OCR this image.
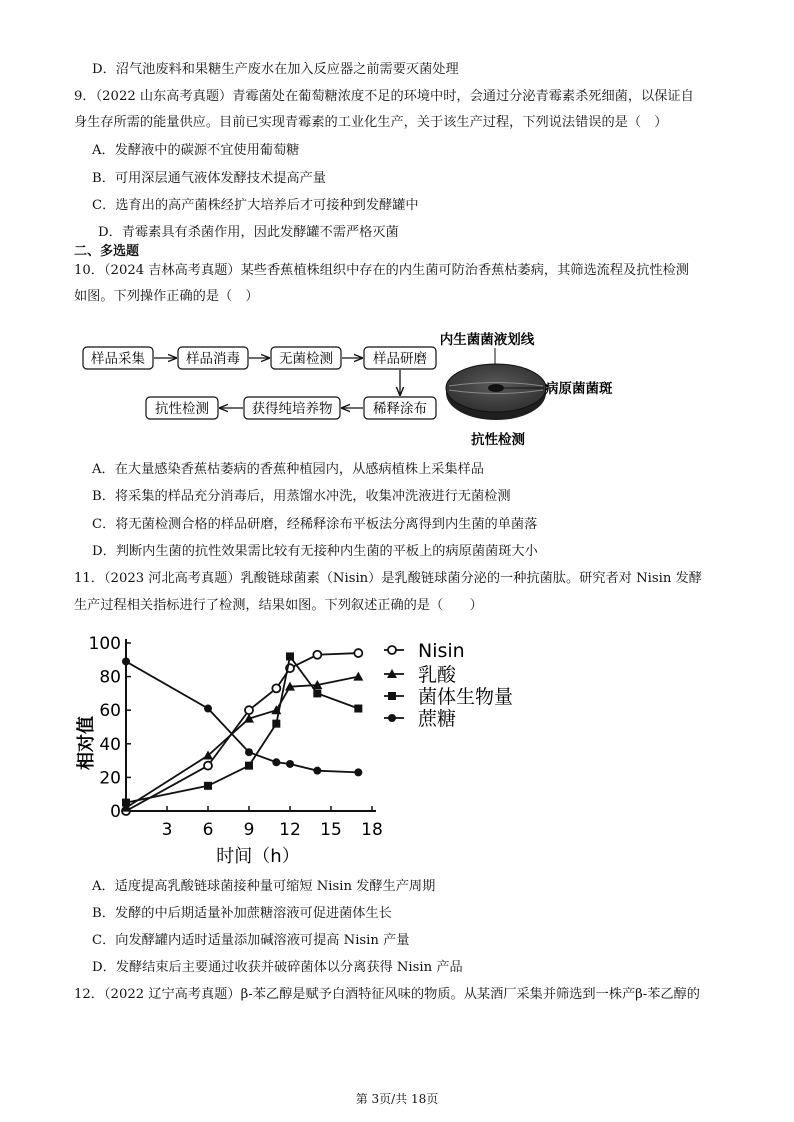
D．沼气池废料和果糖生产废水在加入反应器之前需要灭菌处理
9．（2022 山东高考真题）青霉菌处在葡萄糖浓度不足的环境中时，会通过分泌青霉素杀死细菌，以保证自
身生存所需的能量供应。目前已实现青霉素的工业化生产，关于该生产过程，下列说法错误的是（　）
A．发酵液中的碳源不宜使用葡萄糖
B．可用深层通气液体发酵技术提高产量
C．选育出的高产菌株经扩大培养后才可接种到发酵罐中
D．青霉素具有杀菌作用，因此发酵罐不需严格灭菌
二、多选题
10．（2024 吉林高考真题）某些香蕉植株组织中存在的内生菌可防治香蕉枯萎病，其筛选流程及抗性检测
如图。下列操作正确的是（　）
样品采集	样品消毒	无菌检测	样品研磨
稀释涂布
获得纯培养物
抗性检测
内生菌菌液划线
病原菌菌斑
抗性检测
A．在大量感染香蕉枯萎病的香蕉种植园内，从感病植株上采集样品
B．将采集的样品充分消毒后，用蒸馏水冲洗，收集冲洗液进行无菌检测
C．将无菌检测合格的样品研磨，经稀释涂布平板法分离得到内生菌的单菌落
D．判断内生菌的抗性效果需比较有无接种内生菌的平板上的病原菌菌斑大小
11．（2023 河北高考真题）乳酸链球菌素（Nisin）是乳酸链球菌分泌的一种抗菌肽。研究者对 Nisin 发酵
生产过程相关指标进行了检测，结果如图。下列叙述正确的是（　　）
0
20
40
60
80
100
3 6 9 12 15 18
Nisin
乳酸
菌体生物量
蔗糖
时间（h）
相对值
A．适度提高乳酸链球菌接种量可缩短 Nisin 发酵生产周期
B．发酵的中后期适量补加蔗糖溶液可促进菌体生长
C．向发酵罐内适时适量添加碱溶液可提高 Nisin 产量
D．发酵结束后主要通过收获并破碎菌体以分离获得 Nisin 产品
12．（2022 辽宁高考真题）β-苯乙醇是赋予白酒特征风味的物质。从某酒厂采集并筛选到一株产β-苯乙醇的
第 3页/共 18页
